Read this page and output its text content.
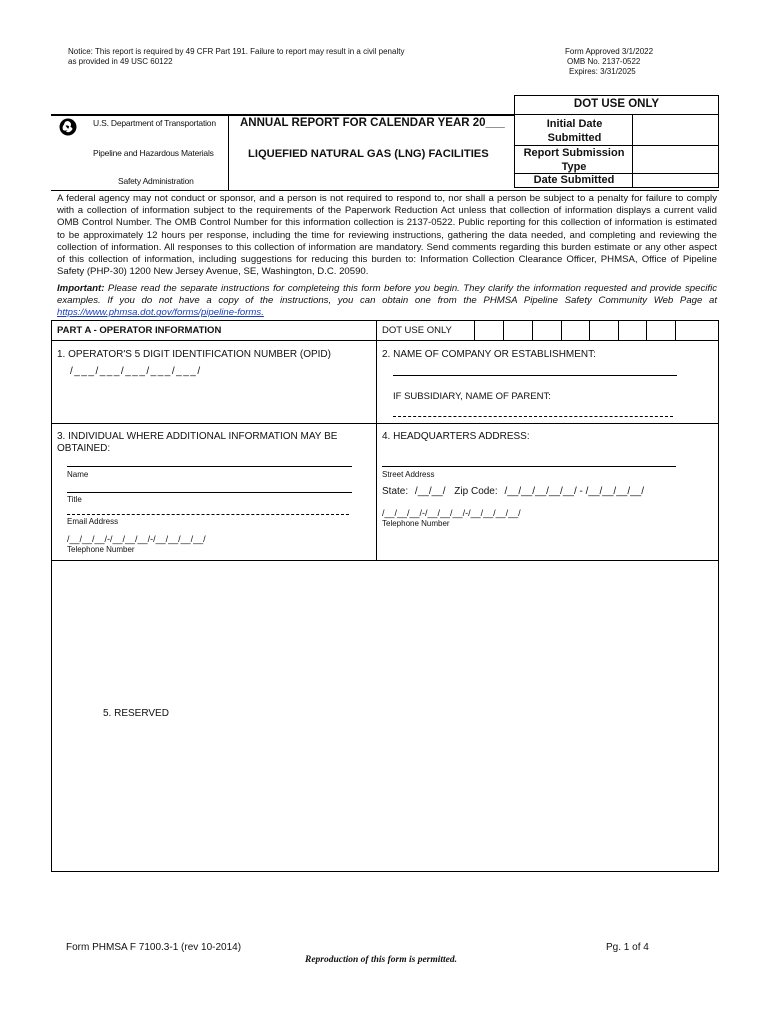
Notice: This report is required by 49 CFR Part 191. Failure to report may result in a civil penalty
as provided in 49 USC 60122
Form Approved 3/1/2022
OMB No. 2137-0522
Expires: 3/31/2025
DOT USE ONLY
Initial Date Submitted
Report Submission Type
Date Submitted
U.S. Department of Transportation
Pipeline and Hazardous Materials
Safety Administration
ANNUAL REPORT FOR CALENDAR YEAR 20___
LIQUEFIED NATURAL GAS (LNG) FACILITIES
A federal agency may not conduct or sponsor, and a person is not required to respond to, nor shall a person be subject to a penalty for failure to comply with a collection of information subject to the requirements of the Paperwork Reduction Act unless that collection of information displays a current valid OMB Control Number. The OMB Control Number for this information collection is 2137-0522. Public reporting for this collection of information is estimated to be approximately 12 hours per response, including the time for reviewing instructions, gathering the data needed, and completing and reviewing the collection of information. All responses to this collection of information are mandatory. Send comments regarding this burden estimate or any other aspect of this collection of information, including suggestions for reducing this burden to: Information Collection Clearance Officer, PHMSA, Office of Pipeline Safety (PHP-30) 1200 New Jersey Avenue, SE, Washington, D.C. 20590.
Important: Please read the separate instructions for completeing this form before you begin. They clarify the information requested and provide specific examples. If you do not have a copy of the instructions, you can obtain one from the PHMSA Pipeline Safety Community Web Page at https://www.phmsa.dot.gov/forms/pipeline-forms.
PART A - OPERATOR INFORMATION	DOT USE ONLY
1. OPERATOR'S 5 DIGIT IDENTIFICATION NUMBER (OPID)
/___/___/___/___/___/
2. NAME OF COMPANY OR ESTABLISHMENT:
IF SUBSIDIARY, NAME OF PARENT:
3. INDIVIDUAL WHERE ADDITIONAL INFORMATION MAY BE OBTAINED:
Name
Title
Email Address
/__/__/__/-/__/__/__/-/__/__/__/__/
Telephone Number
4. HEADQUARTERS ADDRESS:
Street Address
State: /__/__/ Zip Code: /__/__/__/__/__/ - /__/__/__/__/
/__/__/__/-/__/__/__/-/__/__/__/__/
Telephone Number
5. RESERVED
Form PHMSA F 7100.3-1 (rev 10-2014)
Reproduction of this form is permitted.
Pg. 1 of 4
